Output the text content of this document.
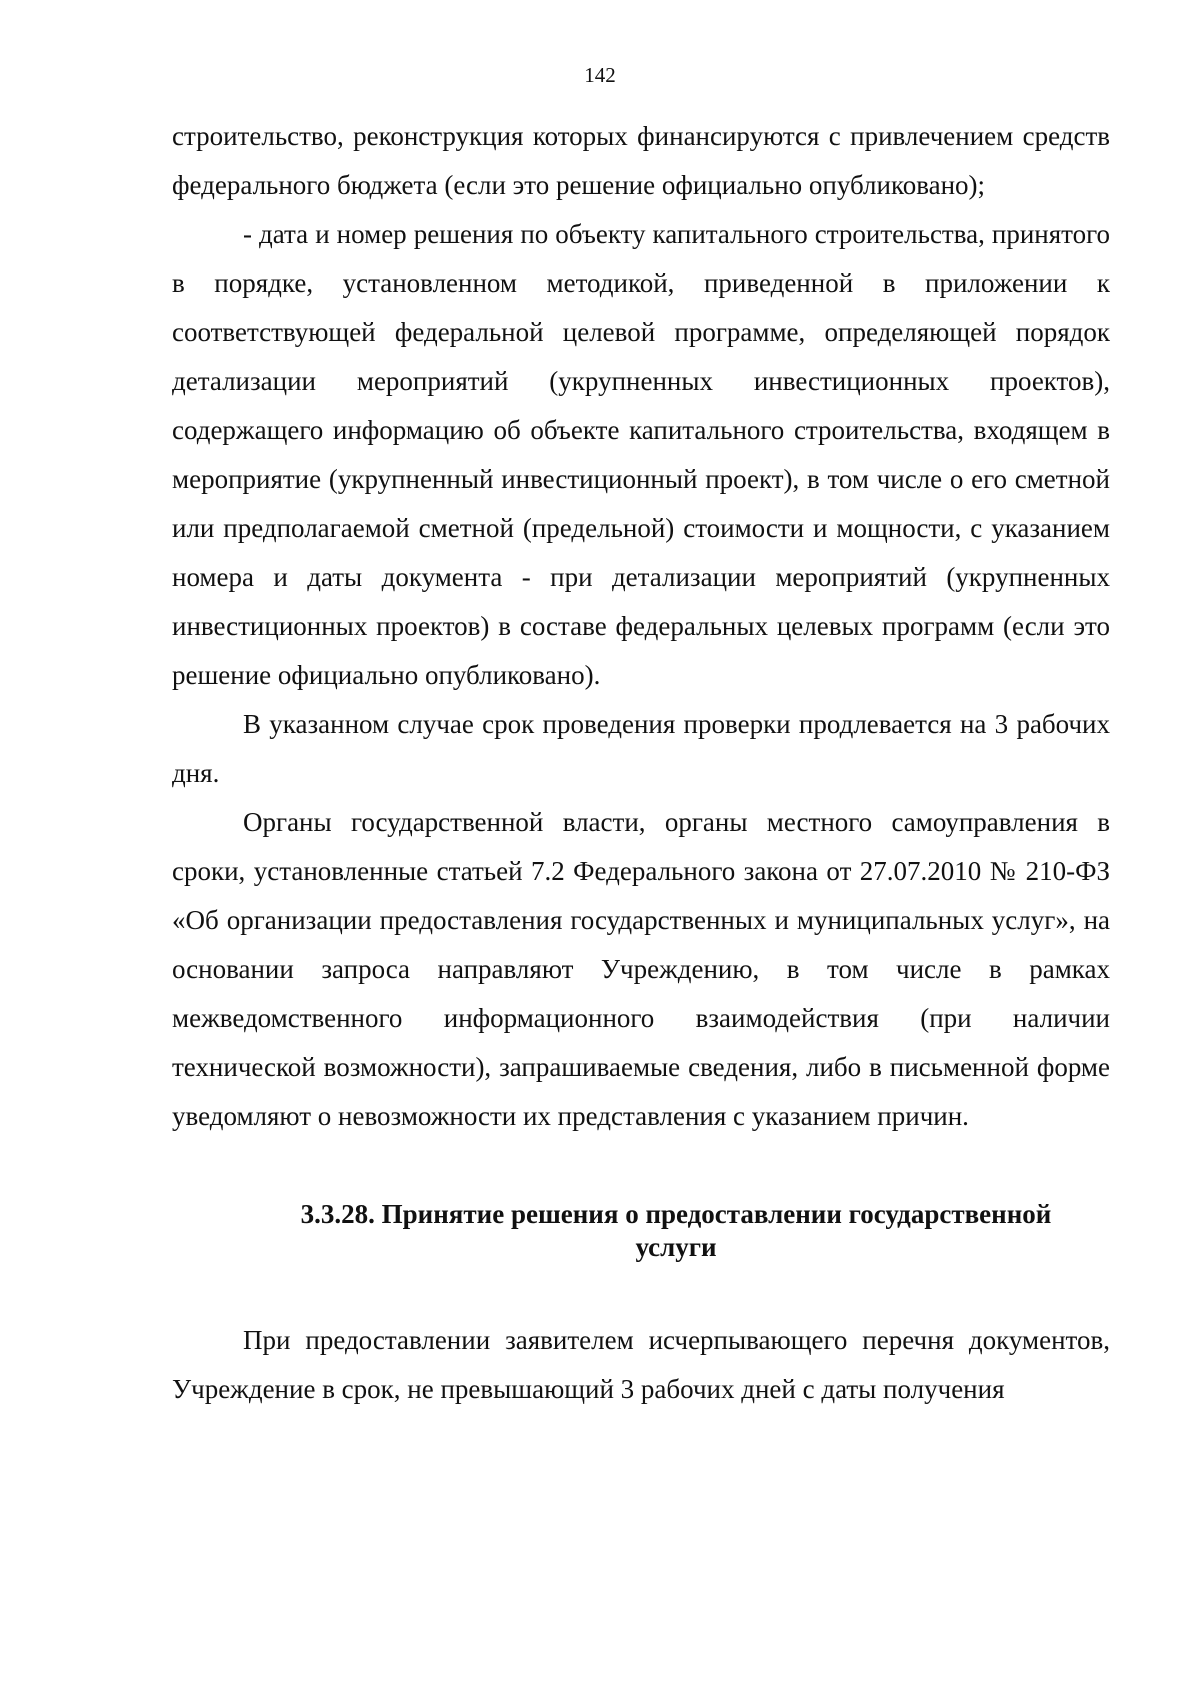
142

строительство, реконструкция которых финансируются с привлечением средств федерального бюджета (если это решение официально опубликовано);

- дата и номер решения по объекту капитального строительства, принятого в порядке, установленном методикой, приведенной в приложении к соответствующей федеральной целевой программе, определяющей порядок детализации мероприятий (укрупненных инвестиционных проектов), содержащего информацию об объекте капитального строительства, входящем в мероприятие (укрупненный инвестиционный проект), в том числе о его сметной или предполагаемой сметной (предельной) стоимости и мощности, с указанием номера и даты документа - при детализации мероприятий (укрупненных инвестиционных проектов) в составе федеральных целевых программ (если это решение официально опубликовано).

В указанном случае срок проведения проверки продлевается на 3 рабочих дня.

Органы государственной власти, органы местного самоуправления в сроки, установленные статьей 7.2 Федерального закона от 27.07.2010 № 210-ФЗ «Об организации предоставления государственных и муниципальных услуг», на основании запроса направляют Учреждению, в том числе в рамках межведомственного информационного взаимодействия (при наличии технической возможности), запрашиваемые сведения, либо в письменной форме уведомляют о невозможности их представления с указанием причин.

3.3.28. Принятие решения о предоставлении государственной
услуги

При предоставлении заявителем исчерпывающего перечня документов, Учреждение в срок, не превышающий 3 рабочих дней с даты получения
